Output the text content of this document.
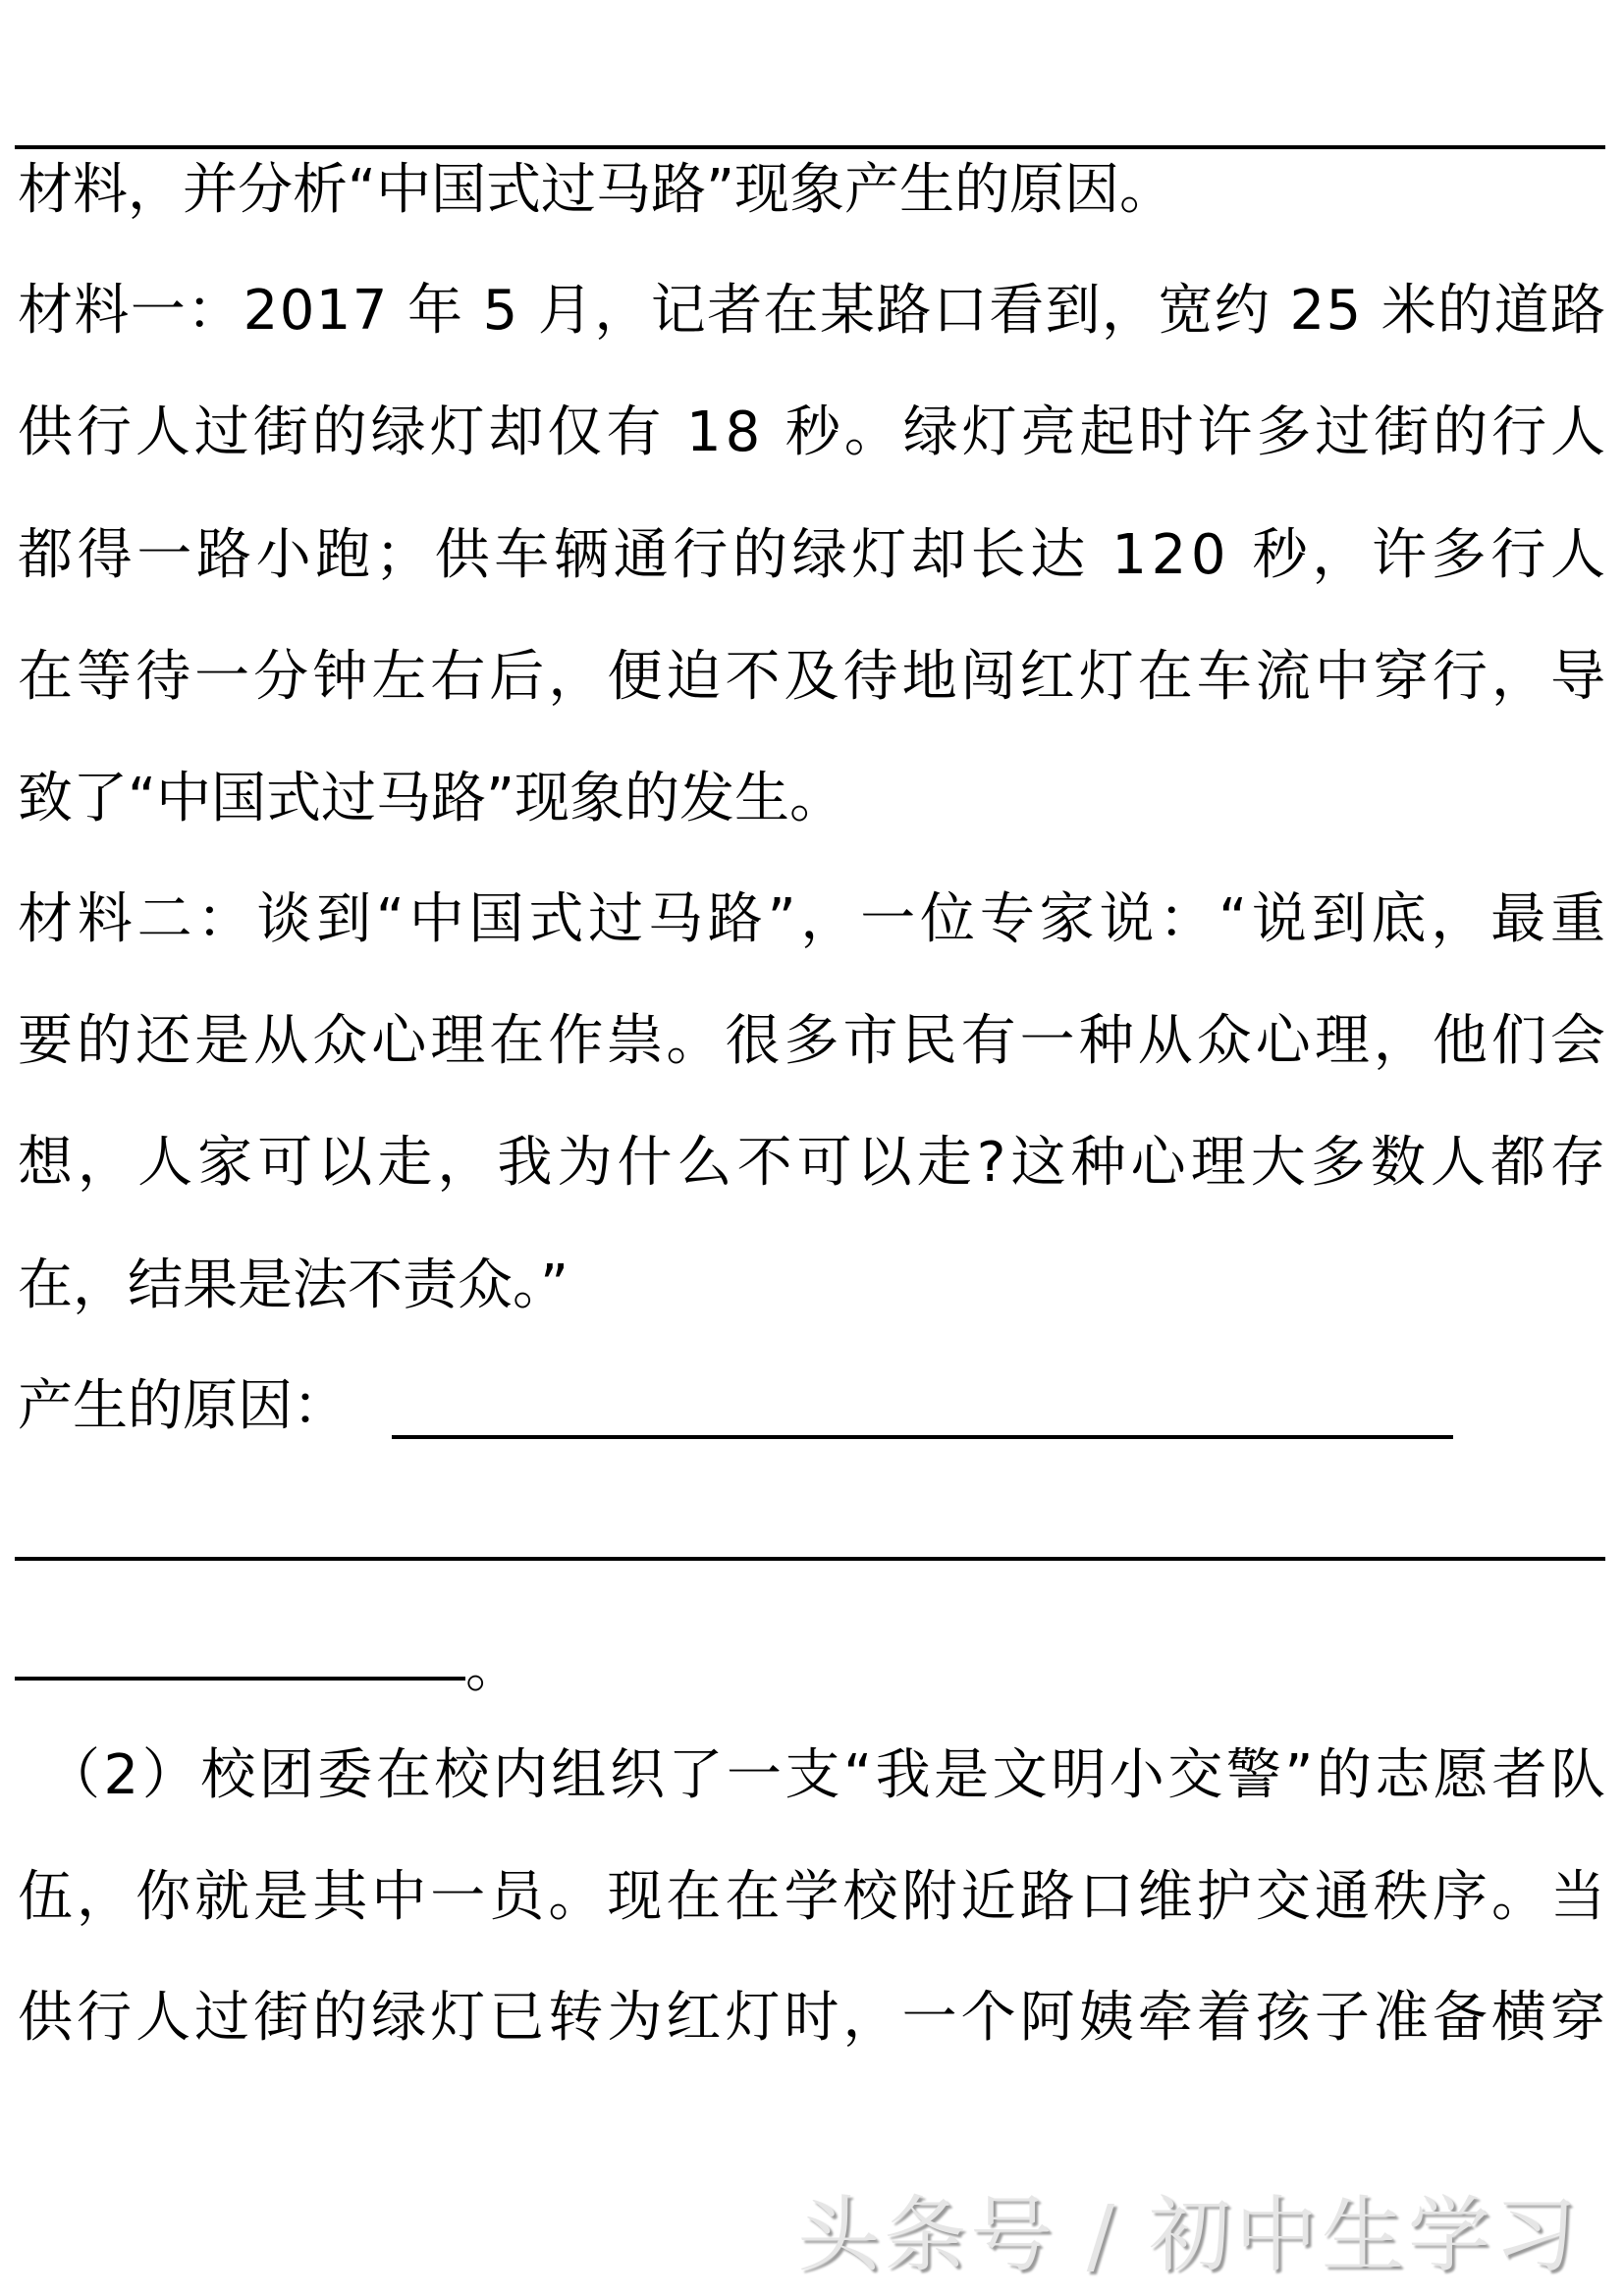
材料，并分析“中国式过马路”现象产生的原因。
材料一：2017 年 5 月，记者在某路口看到，宽约 25 米的道路
供行人过街的绿灯却仅有 18 秒。绿灯亮起时许多过街的行人
都得一路小跑；供车辆通行的绿灯却长达 120 秒，许多行人
在等待一分钟左右后，便迫不及待地闯红灯在车流中穿行，导
致了“中国式过马路”现象的发生。
材料二：谈到“中国式过马路”，一位专家说：“说到底，最重
要的还是从众心理在作祟。很多市民有一种从众心理，他们会
想，人家可以走，我为什么不可以走?这种心理大多数人都存
在，结果是法不责众。”
产生的原因：
。
（2）校团委在校内组织了一支“我是文明小交警”的志愿者队
伍，你就是其中一员。现在在学校附近路口维护交通秩序。当
供行人过街的绿灯已转为红灯时，一个阿姨牵着孩子准备横穿
头条号 / 初中生学习
